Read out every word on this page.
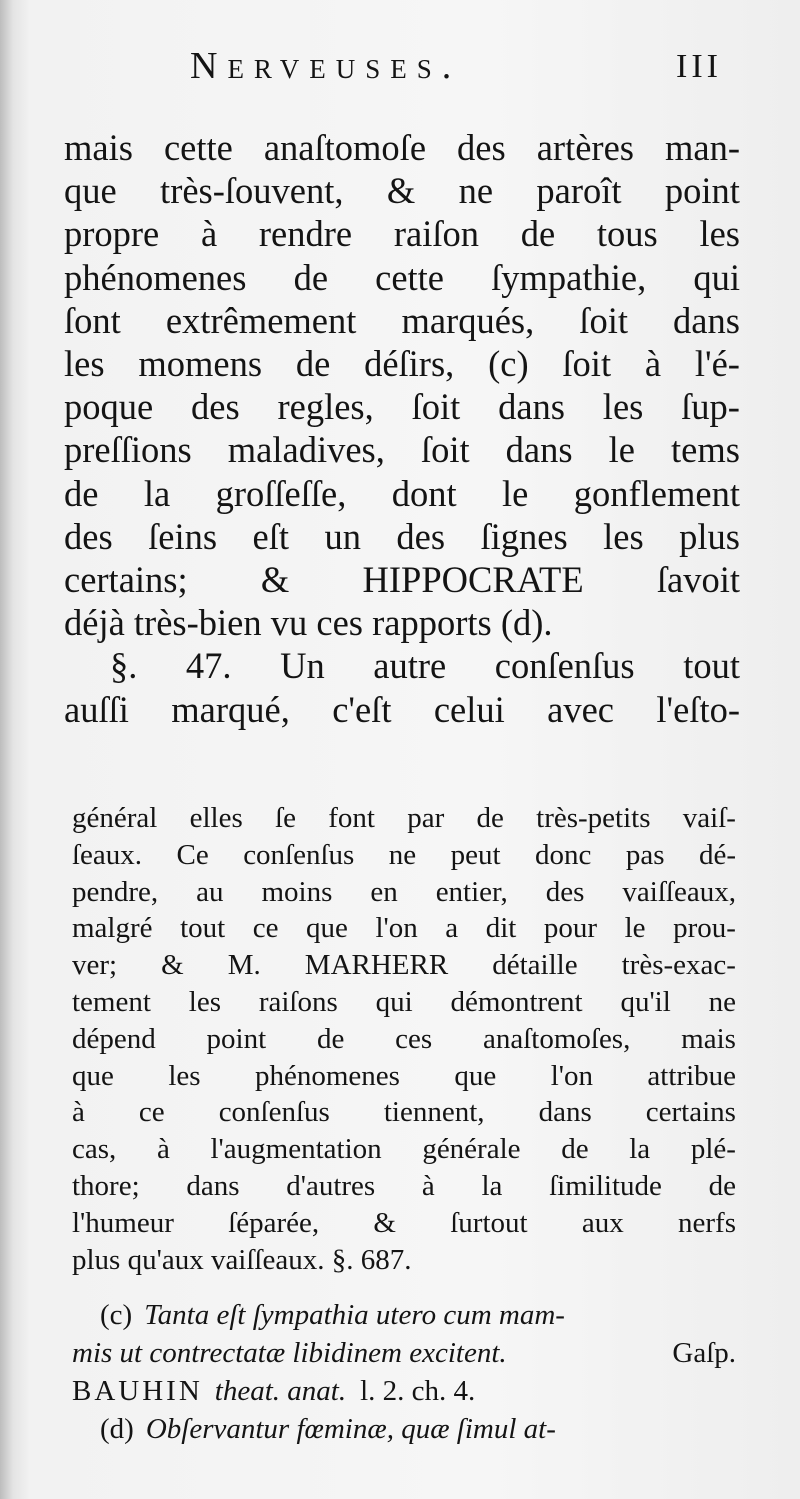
Nerveuses.	III
mais cette anaſtomoſe des artères man-
que très-ſouvent, & ne paroît point
propre à rendre raiſon de tous les
phénomenes de cette ſympathie, qui
ſont extrêmement marqués, ſoit dans
les momens de déſirs, (c) ſoit à l'é-
poque des regles, ſoit dans les ſup-
preſſions maladives, ſoit dans le tems
de la groſſeſſe, dont le gonflement
des ſeins eſt un des ſignes les plus
certains; & HIPPOCRATE ſavoit
déjà très-bien vu ces rapports (d).
§. 47. Un autre conſenſus tout
auſſi marqué, c'eſt celui avec l'eſto-
général elles ſe font par de très-petits vaiſ-
ſeaux. Ce conſenſus ne peut donc pas dé-
pendre, au moins en entier, des vaiſſeaux,
malgré tout ce que l'on a dit pour le prou-
ver; & M. MARHERR détaille très-exac-
tement les raiſons qui démontrent qu'il ne
dépend point de ces anaſtomoſes, mais
que les phénomenes que l'on attribue
à ce conſenſus tiennent, dans certains
cas, à l'augmentation générale de la plé-
thore; dans d'autres à la ſimilitude de
l'humeur ſéparée, & ſurtout aux nerfs
plus qu'aux vaiſſeaux. §. 687.
(c) Tanta eſt ſympathia utero cum mam-
mis ut contrectatæ libidinem excitent.	Gaſp.
BAUHIN theat. anat. l. 2. ch. 4.
(d) Obſervantur fœminæ, quæ ſimul at-
